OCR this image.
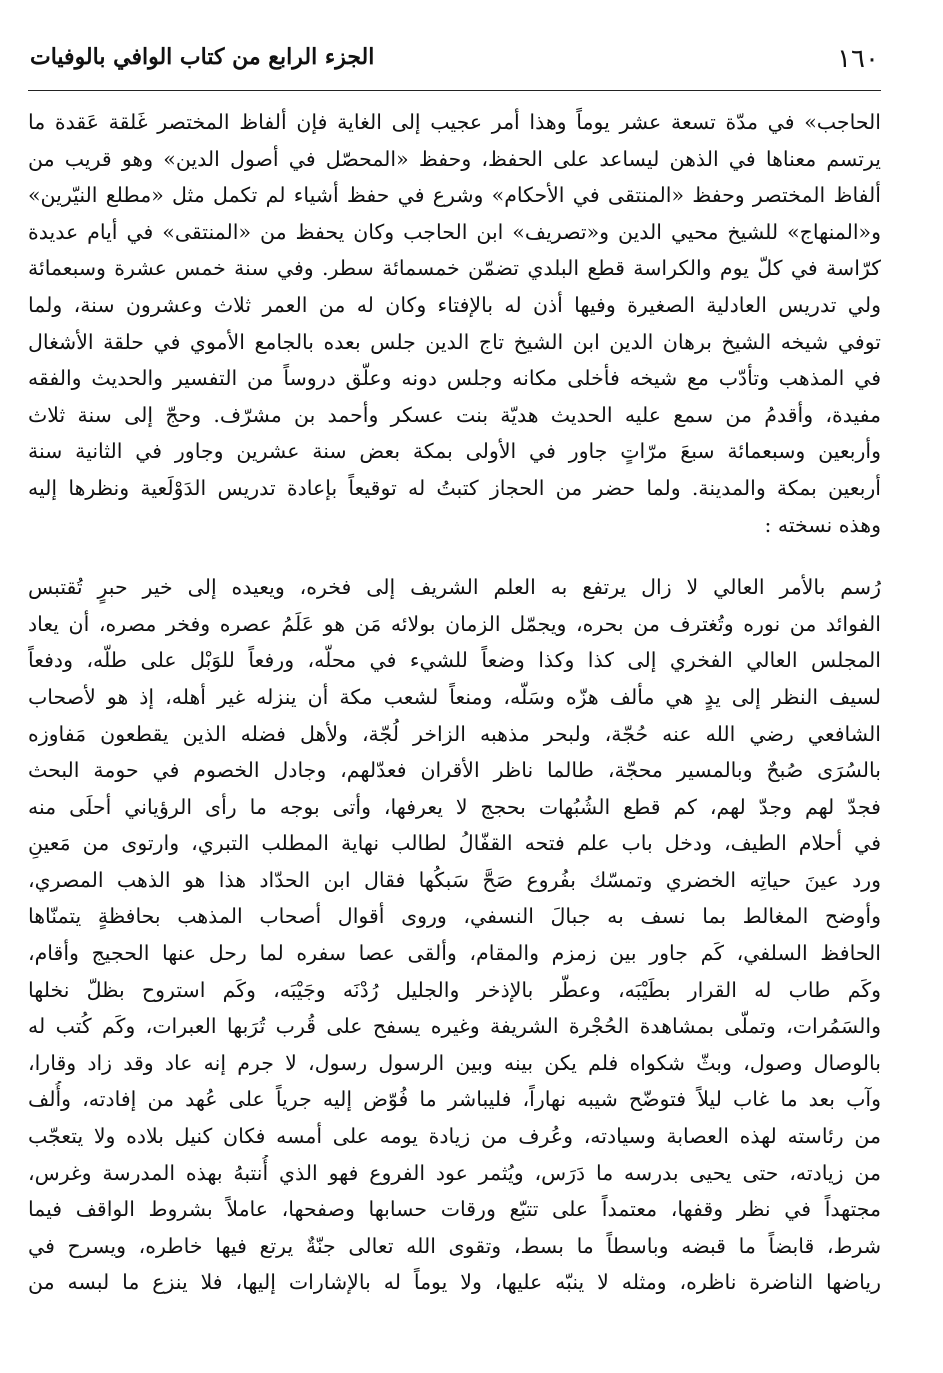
١٦٠
الجزء الرابع من كتاب الوافي بالوفيات
الحاجب» في مدّة تسعة عشر يوماً وهذا أمر عجيب إلى الغاية فإن ألفاظ المختصر غَلقة عَقدة ما
يرتسم معناها في الذهن ليساعد على الحفظ، وحفظ «المحصّل في أصول الدين» وهو قريب من
ألفاظ المختصر وحفظ «المنتقى في الأحكام» وشرع في حفظ أشياء لم تكمل مثل «مطلع النيّرين»
و«المنهاج» للشيخ محيي الدين و«تصريف» ابن الحاجب وكان يحفظ من «المنتقى» في أيام عديدة
كرّاسة في كلّ يوم والكراسة قطع البلدي تضمّن خمسمائة سطر. وفي سنة خمس عشرة وسبعمائة
ولي تدريس العادلية الصغيرة وفيها أذن له بالإفتاء وكان له من العمر ثلاث وعشرون سنة، ولما
توفي شيخه الشيخ برهان الدين ابن الشيخ تاج الدين جلس بعده بالجامع الأموي في حلقة الأشغال
في المذهب وتأدّب مع شيخه فأخلى مكانه وجلس دونه وعلّق دروساً من التفسير والحديث والفقه
مفيدة، وأقدمُ من سمع عليه الحديث هديّة بنت عسكر وأحمد بن مشرّف. وحجّ إلى سنة ثلاث
وأربعين وسبعمائة سبعَ مرّاتٍ جاور في الأولى بمكة بعض سنة عشرين وجاور في الثانية سنة
أربعين بمكة والمدينة. ولما حضر من الحجاز كتبتُ له توقيعاً بإعادة تدريس الدَوْلَعية ونظرها إليه
وهذه نسخته :
رُسم بالأمر العالي لا زال يرتفع به العلم الشريف إلى فخره، ويعيده إلى خير حبرٍ تُقتبس
الفوائد من نوره وتُغترف من بحره، ويجمّل الزمان بولائه مَن هو عَلَمُ عصره وفخر مصره، أن يعاد
المجلس العالي الفخري إلى كذا وكذا وضعاً للشيء في محلّه، ورفعاً للوَبْل على طلّه، ودفعاً
لسيف النظر إلى يدٍ هي مألف هزّه وسَلّه، ومنعاً لشعب مكة أن ينزله غير أهله، إذ هو لأصحاب
الشافعي رضي الله عنه حُجّة، ولبحر مذهبه الزاخر لُجّة، ولأهل فضله الذين يقطعون مَفاوزه
بالسُرَى صُبحٌ وبالمسير محجّة، طالما ناظر الأقران فعدّلهم، وجادل الخصوم في حومة البحث
فجدّ لهم وجدّ لهم، كم قطع الشُبُهات بحجج لا يعرفها، وأتى بوجه ما رأى الرؤياني أحلَى منه
في أحلام الطيف، ودخل باب علم فتحه القفّالُ لطالب نهاية المطلب التبري، وارتوى من مَعينِ
ورد عينَ حياتِه الخضري وتمسّك بفُروع صَحَّ سَبكُها فقال ابن الحدّاد هذا هو الذهب المصري،
وأوضح المغالط بما نسف به جبالَ النسفي، وروى أقوال أصحاب المذهب بحافظةٍ يتمنّاها
الحافظ السلفي، كَم جاور بين زمزم والمقام، وألقى عصا سفره لما رحل عنها الحجيج وأقام،
وكَم طاب له القرار بطَيْبَه، وعطّر بالإذخر والجليل رُدْنَه وجَيْبَه، وكَم استروح بظلّ نخلها
والسَمُرات، وتملّى بمشاهدة الحُجْرة الشريفة وغيره يسفح على قُرب تُرَبها العبرات، وكَم كُتب له
بالوصال وصول، وبثّ شكواه فلم يكن بينه وبين الرسول رسول، لا جرم إنه عاد وقد زاد وقارا،
وآب بعد ما غاب ليلاً فتوضّح شيبه نهاراً، فليباشر ما فُوّض إليه جرياً على عُهد من إفادته، وأُلف
من رئاسته لهذه العصابة وسيادته، وعُرف من زيادة يومه على أمسه فكان كنيل بلاده ولا يتعجّب
من زيادته، حتى يحيى بدرسه ما دَرَس، ويُثمر عود الفروع فهو الذي أُنتبهُ بهذه المدرسة وغرس،
مجتهداً في نظر وقفها، معتمداً على تتبّع ورقات حسابها وصفحها، عاملاً بشروط الواقف فيما
شرط، قابضاً ما قبضه وباسطاً ما بسط، وتقوى الله تعالى جنّةٌ يرتع فيها خاطره، ويسرح في
رياضها الناضرة ناظره، ومثله لا ينبّه عليها، ولا يوماً له بالإشارات إليها، فلا ينزع ما لبسه من
